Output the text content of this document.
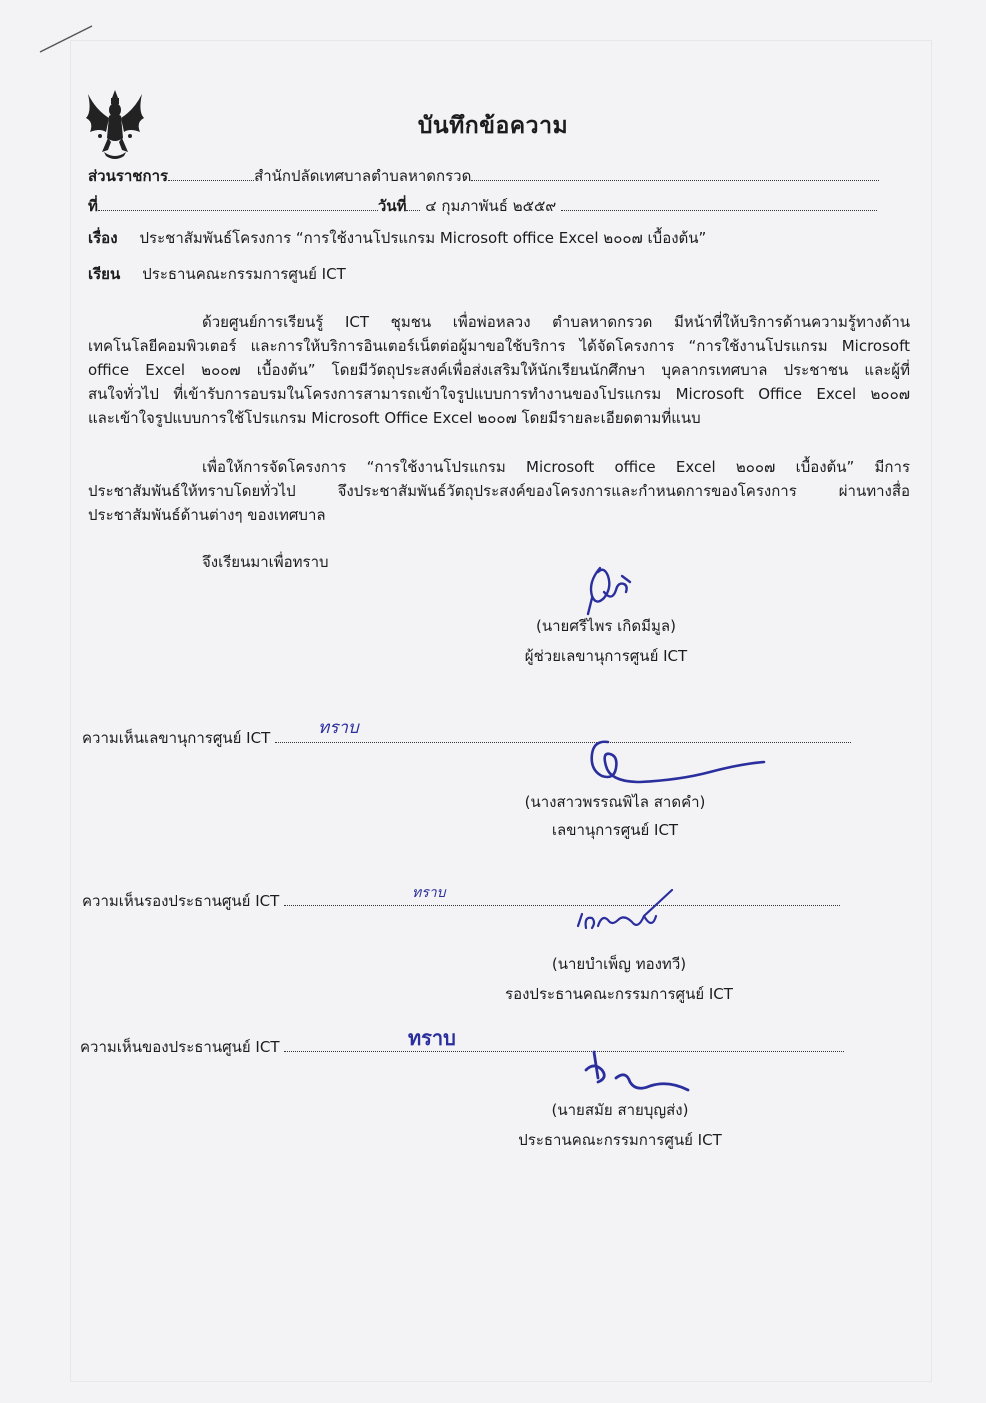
บันทึกข้อความ
ส่วนราชการ	สำนักปลัดเทศบาลตำบลหาดกรวด
ที่	วันที่ ๔ กุมภาพันธ์ ๒๕๕๙
เรื่อง ประชาสัมพันธ์โครงการ “การใช้งานโปรแกรม Microsoft office Excel ๒๐๐๗ เบื้องต้น”
เรียน ประธานคณะกรรมการศูนย์ ICT
ด้วยศูนย์การเรียนรู้ ICT ชุมชน เพื่อพ่อหลวง ตำบลหาดกรวด มีหน้าที่ให้บริการด้านความรู้ทางด้าน
เทคโนโลยีคอมพิวเตอร์ และการให้บริการอินเตอร์เน็ตต่อผู้มาขอใช้บริการ ได้จัดโครงการ “การใช้งานโปรแกรม Microsoft
office Excel ๒๐๐๗ เบื้องต้น” โดยมีวัตถุประสงค์เพื่อส่งเสริมให้นักเรียนนักศึกษา บุคลากรเทศบาล ประชาชน และผู้ที่
สนใจทั่วไป ที่เข้ารับการอบรมในโครงการสามารถเข้าใจรูปแบบการทำงานของโปรแกรม Microsoft Office Excel ๒๐๐๗
และเข้าใจรูปแบบการใช้โปรแกรม Microsoft Office Excel ๒๐๐๗ โดยมีรายละเอียดตามที่แนบ
เพื่อให้การจัดโครงการ “การใช้งานโปรแกรม Microsoft office Excel ๒๐๐๗ เบื้องต้น” มีการ
ประชาสัมพันธ์ให้ทราบโดยทั่วไป จึงประชาสัมพันธ์วัตถุประสงค์ของโครงการและกำหนดการของโครงการ ผ่านทางสื่อ
ประชาสัมพันธ์ด้านต่างๆ ของเทศบาล
จึงเรียนมาเพื่อทราบ
(นายศรีไพร เกิดมีมูล)
ผู้ช่วยเลขานุการศูนย์ ICT
ความเห็นเลขานุการศูนย์ ICT	ทราบ
(นางสาวพรรณพิไล สาดคำ)
เลขานุการศูนย์ ICT
ความเห็นรองประธานศูนย์ ICT	ทราบ
(นายบำเพ็ญ ทองทวี)
รองประธานคณะกรรมการศูนย์ ICT
ความเห็นของประธานศูนย์ ICT	ทราบ
(นายสมัย สายบุญส่ง)
ประธานคณะกรรมการศูนย์ ICT
